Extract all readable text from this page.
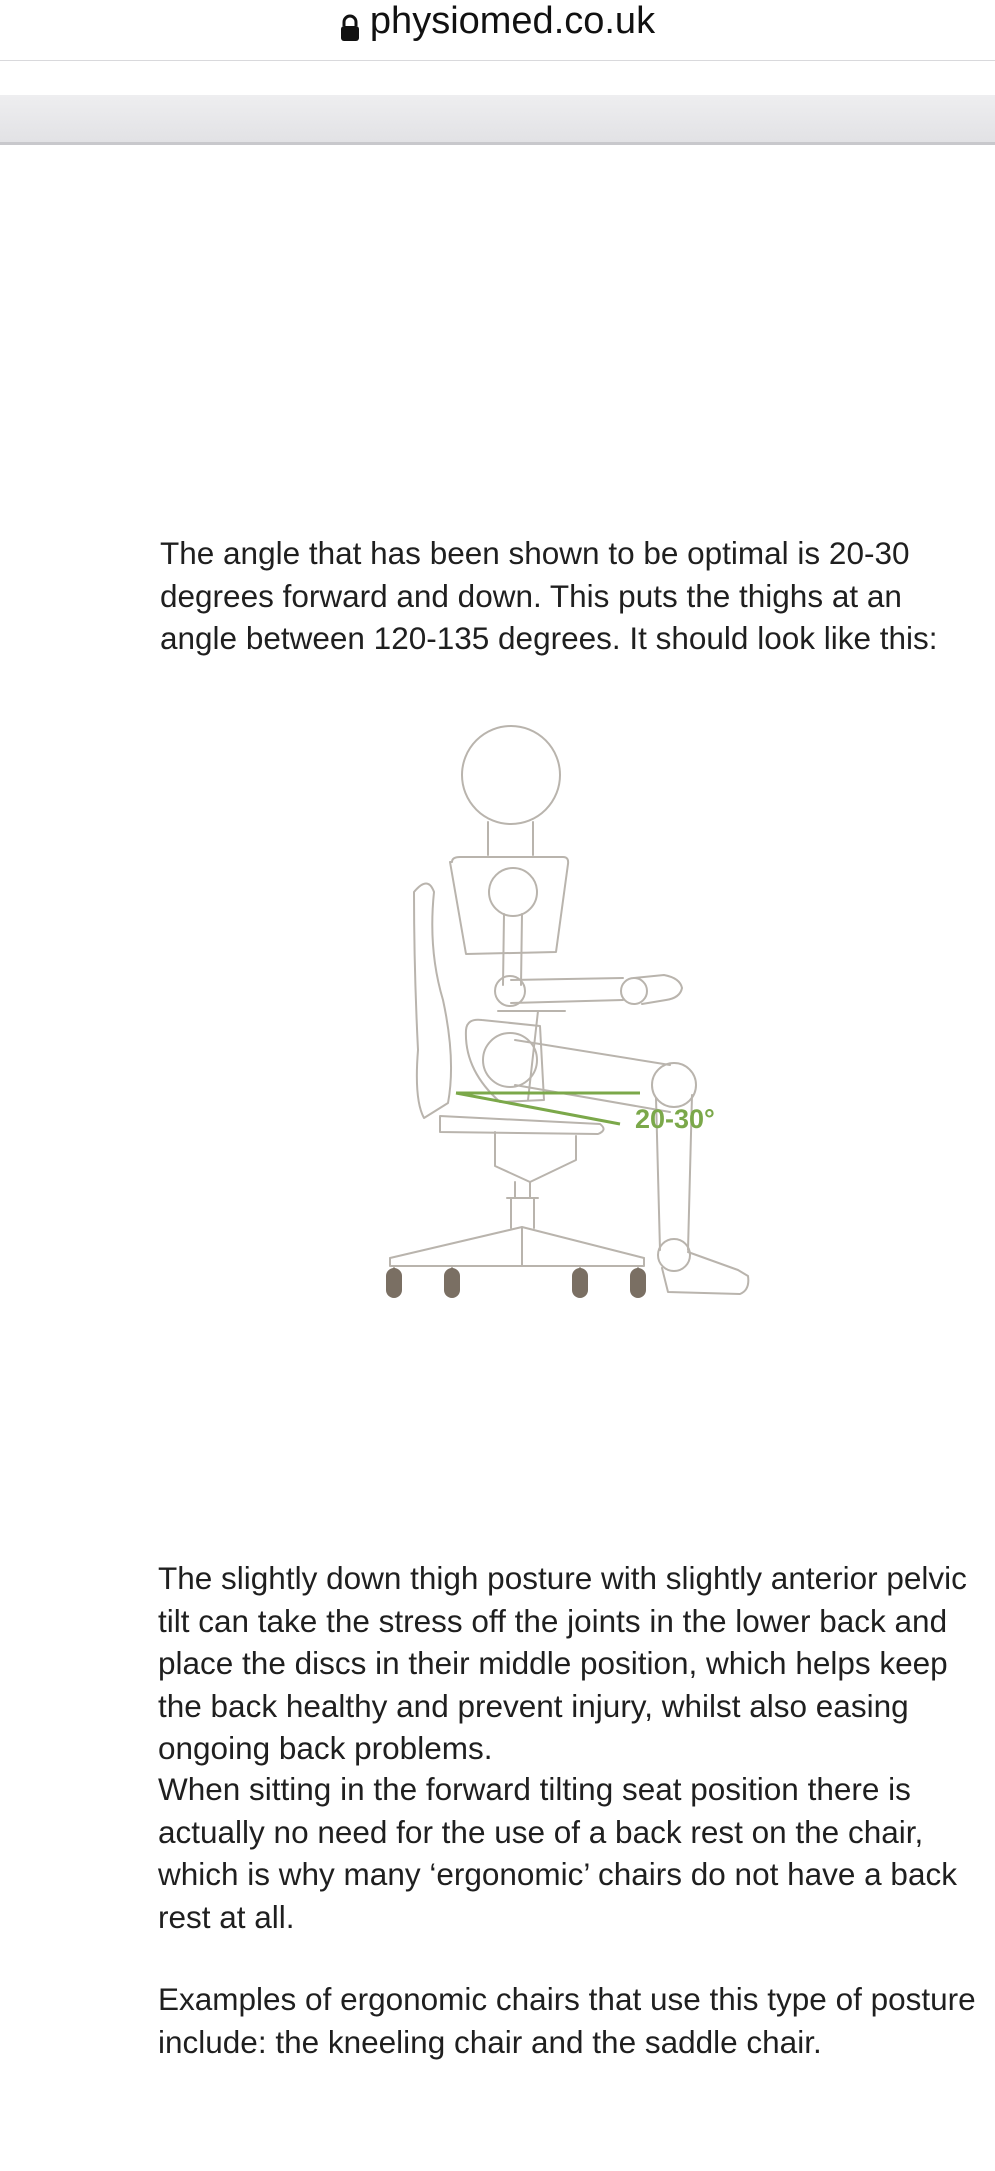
physiomed.co.uk

The angle that has been shown to be optimal is 20-30 degrees forward and down. This puts the thighs at an angle between 120-135 degrees. It should look like this:

20-30°

The slightly down thigh posture with slightly anterior pelvic tilt can take the stress off the joints in the lower back and place the discs in their middle position, which helps keep the back healthy and prevent injury, whilst also easing ongoing back problems.

When sitting in the forward tilting seat position there is actually no need for the use of a back rest on the chair, which is why many ‘ergonomic’ chairs do not have a back rest at all.

Examples of ergonomic chairs that use this type of posture include: the kneeling chair and the saddle chair.
